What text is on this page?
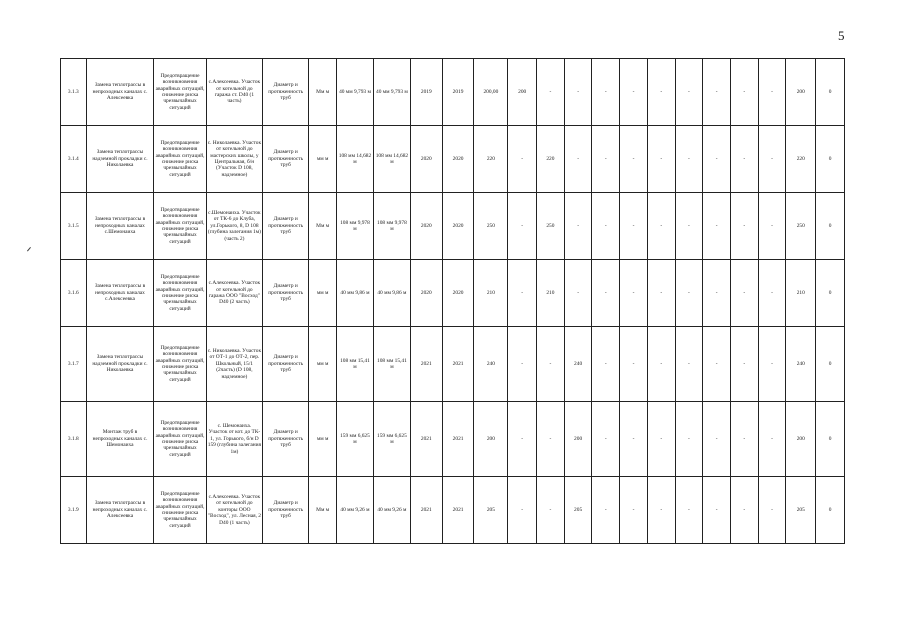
5
3.1.3	Замена теплотрассы в непроходных каналах с. Алексеевка	Предотвращение возникновения аварийных ситуаций, снижение риска чрезвычайных ситуаций	с.Алексеевка. Участок от котельной до гаража ст. D40 (1 часть)	Диаметр и протяженность труб	Мм м	40 мм 9,793 м	40 мм 9,793 м	2019	2019	200,00	200	-	-	-	-	-	-	-	-	-	200	0
3.1.4	Замена теплотрассы надземной прокладки с. Николаевка	Предотвращение возникновения аварийных ситуаций, снижение риска чрезвычайных ситуаций	с. Николаевка. Участок от котельной до мастерских школы, у Центральная, б/н (Участок D 108, надземное)	Диаметр и протяженность труб	мм м	108 мм 14,682 м	108 мм 14,682 м	2020	2020	220	-	220	-	-	-	-	-	-	-	-	220	0
3.1.5	Замена теплотрассы в непроходных каналах с.Шемонаиха	Предотвращение возникновения аварийных ситуаций, снижение риска чрезвычайных ситуаций	с.Шемонаиха. Участок от ТК-6 до Клуба, ул.Горького, 8, D 108 (глубина залегания 1м) (часть 2)	Диаметр и протяженность труб	Мм м	108 мм 9,978 м	108 мм 9,978 м	2020	2020	250	-	250	-	-	-	-	-	-	-	-	250	0
3.1.6	Замена теплотрассы в непроходных каналах с.Алексеевка	Предотвращение возникновения аварийных ситуаций, снижение риска чрезвычайных ситуаций	с.Алексеевка. Участок от котельной до гаража ООО "Восход" D40 (2 часть)	Диаметр и протяженность труб	мм м	40 мм 9,86 м	40 мм 9,86 м	2020	2020	210	-	210	-	-	-	-	-	-	-	-	210	0
3.1.7	Замена теплотрассы надземной прокладки с. Николаевка	Предотвращение возникновения аварийных ситуаций, снижение риска чрезвычайных ситуаций	с. Николаевка. Участок от ОТ-1 до ОТ-2, пер. Школьный, 15/1 (2часть) (D 108, надземное)	Диаметр и протяженность труб	мм м	108 мм 15,41 м	108 мм 15,41 м	2021	2021	240	-	-	240	-	-	-	-	-	-	-	240	0
3.1.8	Монтаж труб в непроходных каналах с. Шемонаиха	Предотвращение возникновения аварийных ситуаций, снижение риска чрезвычайных ситуаций	с. Шемонаиха. Участок от кот. до ТК- 1, ул. Горького, б/н D 159 (глубина залегания 1м)	Диаметр и протяженность труб	мм м	159 мм 6,625 м	159 мм 6,625 м	2021	2021	200	-	-	200	-	-	-	-	-	-	-	200	0
3.1.9	Замена теплотрассы в непроходных каналах с. Алексеевка	Предотвращение возникновения аварийных ситуаций, снижение риска чрезвычайных ситуаций	с.Алексеевка. Участок от котельной до конторы ООО "Восход", ул. Лесная, 2 D40 (1 часть)	Диаметр и протяженность труб	Мм м	40 мм 9,26 м	40 мм 9,26 м	2021	2021	205	-	-	205	-	-	-	-	-	-	-	205	0
